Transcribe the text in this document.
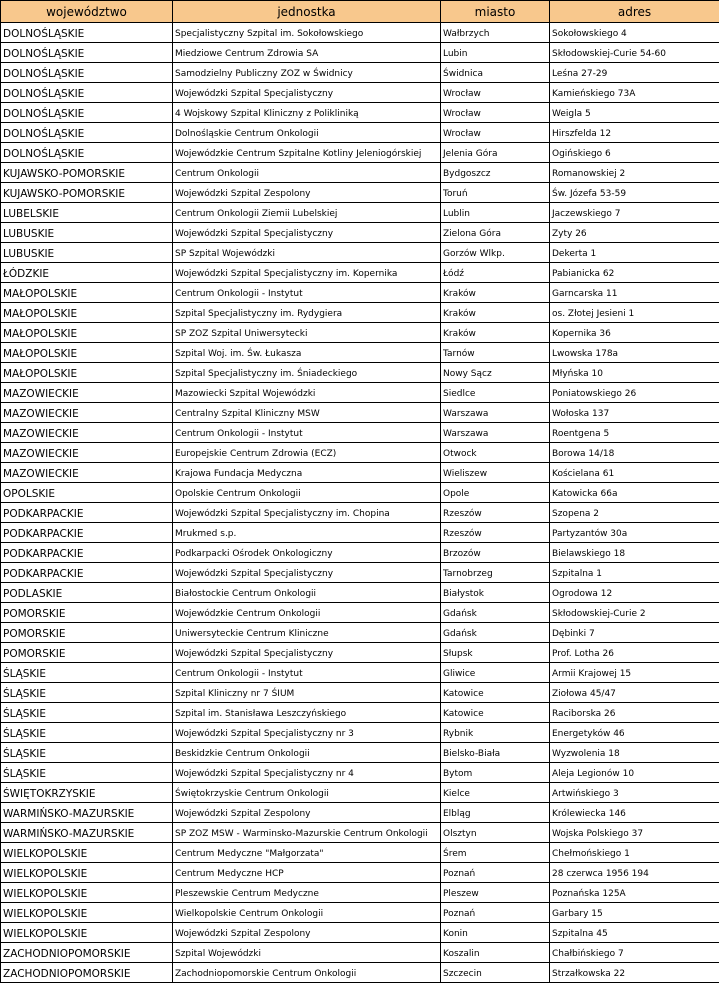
województwo	jednostka	miasto	adres
DOLNOŚLĄSKIE	Specjalistyczny Szpital im. Sokołowskiego	Wałbrzych	Sokołowskiego 4
DOLNOŚLĄSKIE	Miedziowe Centrum Zdrowia SA	Lubin	Skłodowskiej-Curie 54-60
DOLNOŚLĄSKIE	Samodzielny Publiczny ZOZ w Świdnicy	Świdnica	Leśna 27-29
DOLNOŚLĄSKIE	Wojewódzki Szpital Specjalistyczny	Wrocław	Kamieńskiego 73A
DOLNOŚLĄSKIE	4 Wojskowy Szpital Kliniczny z Polikliniką	Wrocław	Weigla 5
DOLNOŚLĄSKIE	Dolnośląskie Centrum Onkologii	Wrocław	Hirszfelda 12
DOLNOŚLĄSKIE	Wojewódzkie Centrum Szpitalne Kotliny Jeleniogórskiej	Jelenia Góra	Ogińskiego 6
KUJAWSKO-POMORSKIE	Centrum Onkologii	Bydgoszcz	Romanowskiej 2
KUJAWSKO-POMORSKIE	Wojewódzki Szpital Zespolony	Toruń	Św. Józefa 53-59
LUBELSKIE	Centrum Onkologii Ziemii Lubelskiej	Lublin	Jaczewskiego 7
LUBUSKIE	Wojewódzki Szpital Specjalistyczny	Zielona Góra	Zyty 26
LUBUSKIE	SP Szpital Wojewódzki	Gorzów Wlkp.	Dekerta 1
ŁÓDZKIE	Wojewódzki Szpital Specjalistyczny im. Kopernika	Łódź	Pabianicka 62
MAŁOPOLSKIE	Centrum Onkologii - Instytut	Kraków	Garncarska 11
MAŁOPOLSKIE	Szpital Specjalistyczny im. Rydygiera	Kraków	os. Złotej Jesieni 1
MAŁOPOLSKIE	SP ZOZ Szpital Uniwersytecki	Kraków	Kopernika 36
MAŁOPOLSKIE	Szpital Woj. im. Św. Łukasza	Tarnów	Lwowska 178a
MAŁOPOLSKIE	Szpital Specjalistyczny im. Śniadeckiego	Nowy Sącz	Młyńska 10
MAZOWIECKIE	Mazowiecki Szpital Wojewódzki	Siedlce	Poniatowskiego 26
MAZOWIECKIE	Centralny Szpital Kliniczny MSW	Warszawa	Wołoska 137
MAZOWIECKIE	Centrum Onkologii - Instytut	Warszawa	Roentgena 5
MAZOWIECKIE	Europejskie Centrum Zdrowia (ECZ)	Otwock	Borowa 14/18
MAZOWIECKIE	Krajowa Fundacja Medyczna	Wieliszew	Kościelana 61
OPOLSKIE	Opolskie Centrum Onkologii	Opole	Katowicka 66a
PODKARPACKIE	Wojewódzki Szpital Specjalistyczny im. Chopina	Rzeszów	Szopena 2
PODKARPACKIE	Mrukmed s.p.	Rzeszów	Partyzantów 30a
PODKARPACKIE	Podkarpacki Ośrodek Onkologiczny	Brzozów	Bielawskiego 18
PODKARPACKIE	Wojewódzki Szpital Specjalistyczny	Tarnobrzeg	Szpitalna 1
PODLASKIE	Białostockie Centrum Onkologii	Białystok	Ogrodowa 12
POMORSKIE	Wojewódzkie Centrum Onkologii	Gdańsk	Skłodowskiej-Curie 2
POMORSKIE	Uniwersyteckie Centrum Kliniczne	Gdańsk	Dębinki 7
POMORSKIE	Wojewódzki Szpital Specjalistyczny	Słupsk	Prof. Lotha 26
ŚLĄSKIE	Centrum Onkologii - Instytut	Gliwice	Armii Krajowej 15
ŚLĄSKIE	Szpital Kliniczny nr 7 ŚIUM	Katowice	Ziołowa 45/47
ŚLĄSKIE	Szpital im. Stanisława Leszczyńskiego	Katowice	Raciborska 26
ŚLĄSKIE	Wojewódzki Szpital Specjalistyczny nr 3	Rybnik	Energetyków 46
ŚLĄSKIE	Beskidzkie Centrum Onkologii	Bielsko-Biała	Wyzwolenia 18
ŚLĄSKIE	Wojewódzki Szpital Specjalistyczny nr 4	Bytom	Aleja Legionów 10
ŚWIĘTOKRZYSKIE	Świętokrzyskie Centrum Onkologii	Kielce	Artwińskiego 3
WARMIŃSKO-MAZURSKIE	Wojewódzki Szpital Zespolony	Elbląg	Królewiecka 146
WARMIŃSKO-MAZURSKIE	SP ZOZ MSW - Warminsko-Mazurskie Centrum Onkologii	Olsztyn	Wojska Polskiego 37
WIELKOPOLSKIE	Centrum Medyczne "Małgorzata"	Śrem	Chełmońskiego 1
WIELKOPOLSKIE	Centrum Medyczne HCP	Poznań	28 czerwca 1956 194
WIELKOPOLSKIE	Pleszewskie Centrum Medyczne	Pleszew	Poznańska 125A
WIELKOPOLSKIE	Wielkopolskie Centrum Onkologii	Poznań	Garbary 15
WIELKOPOLSKIE	Wojewódzki Szpital Zespolony	Konin	Szpitalna 45
ZACHODNIOPOMORSKIE	Szpital Wojewódzki	Koszalin	Chałbińskiego 7
ZACHODNIOPOMORSKIE	Zachodniopomorskie Centrum Onkologii	Szczecin	Strzałkowska 22
